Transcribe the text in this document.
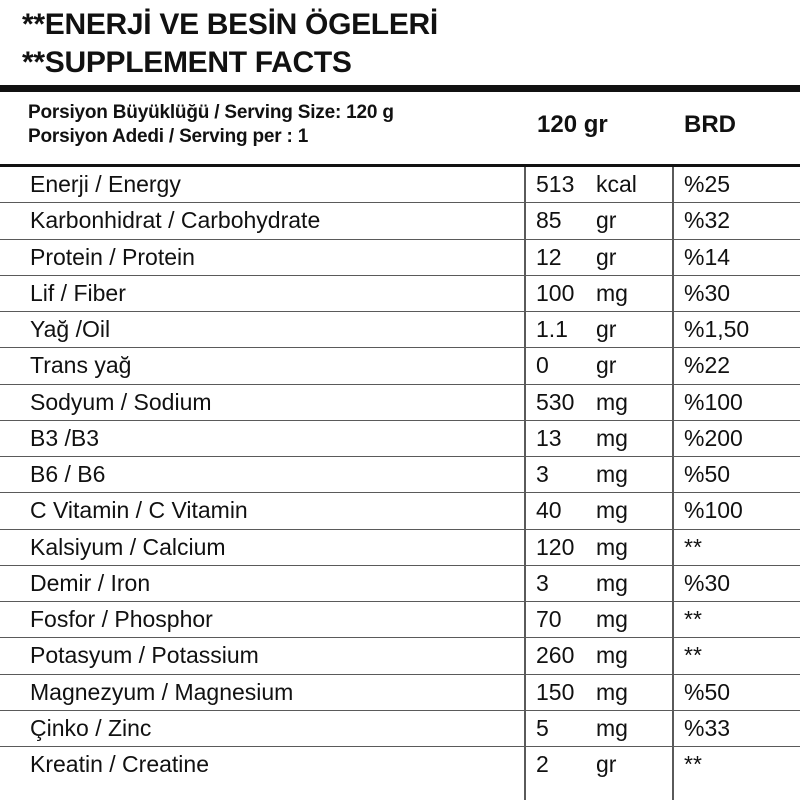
**ENERJİ VE BESİN ÖGELERİ
**SUPPLEMENT FACTS
Porsiyon Büyüklüğü / Serving Size: 120 g
Porsiyon Adedi / Serving per : 1	120 gr	BRD
Enerji / Energy	513 kcal %25
Karbonhidrat / Carbohydrate	85 gr	%32
Protein / Protein	12 gr	%14
Lif / Fiber	100 mg %30
Yağ /Oil	1.1 gr	%1,50
Trans yağ	0 gr	%22
Sodyum / Sodium	530 mg %100
B3 /B3	13 mg %200
B6 / B6	3 mg %50
C Vitamin / C Vitamin	40 mg %100
Kalsiyum / Calcium	120 mg **
Demir / Iron	3 mg %30
Fosfor / Phosphor	70 mg **
Potasyum / Potassium	260 mg **
Magnezyum / Magnesium	150 mg %50
Çinko / Zinc	5 mg %33
Kreatin / Creatine	2 gr	**
